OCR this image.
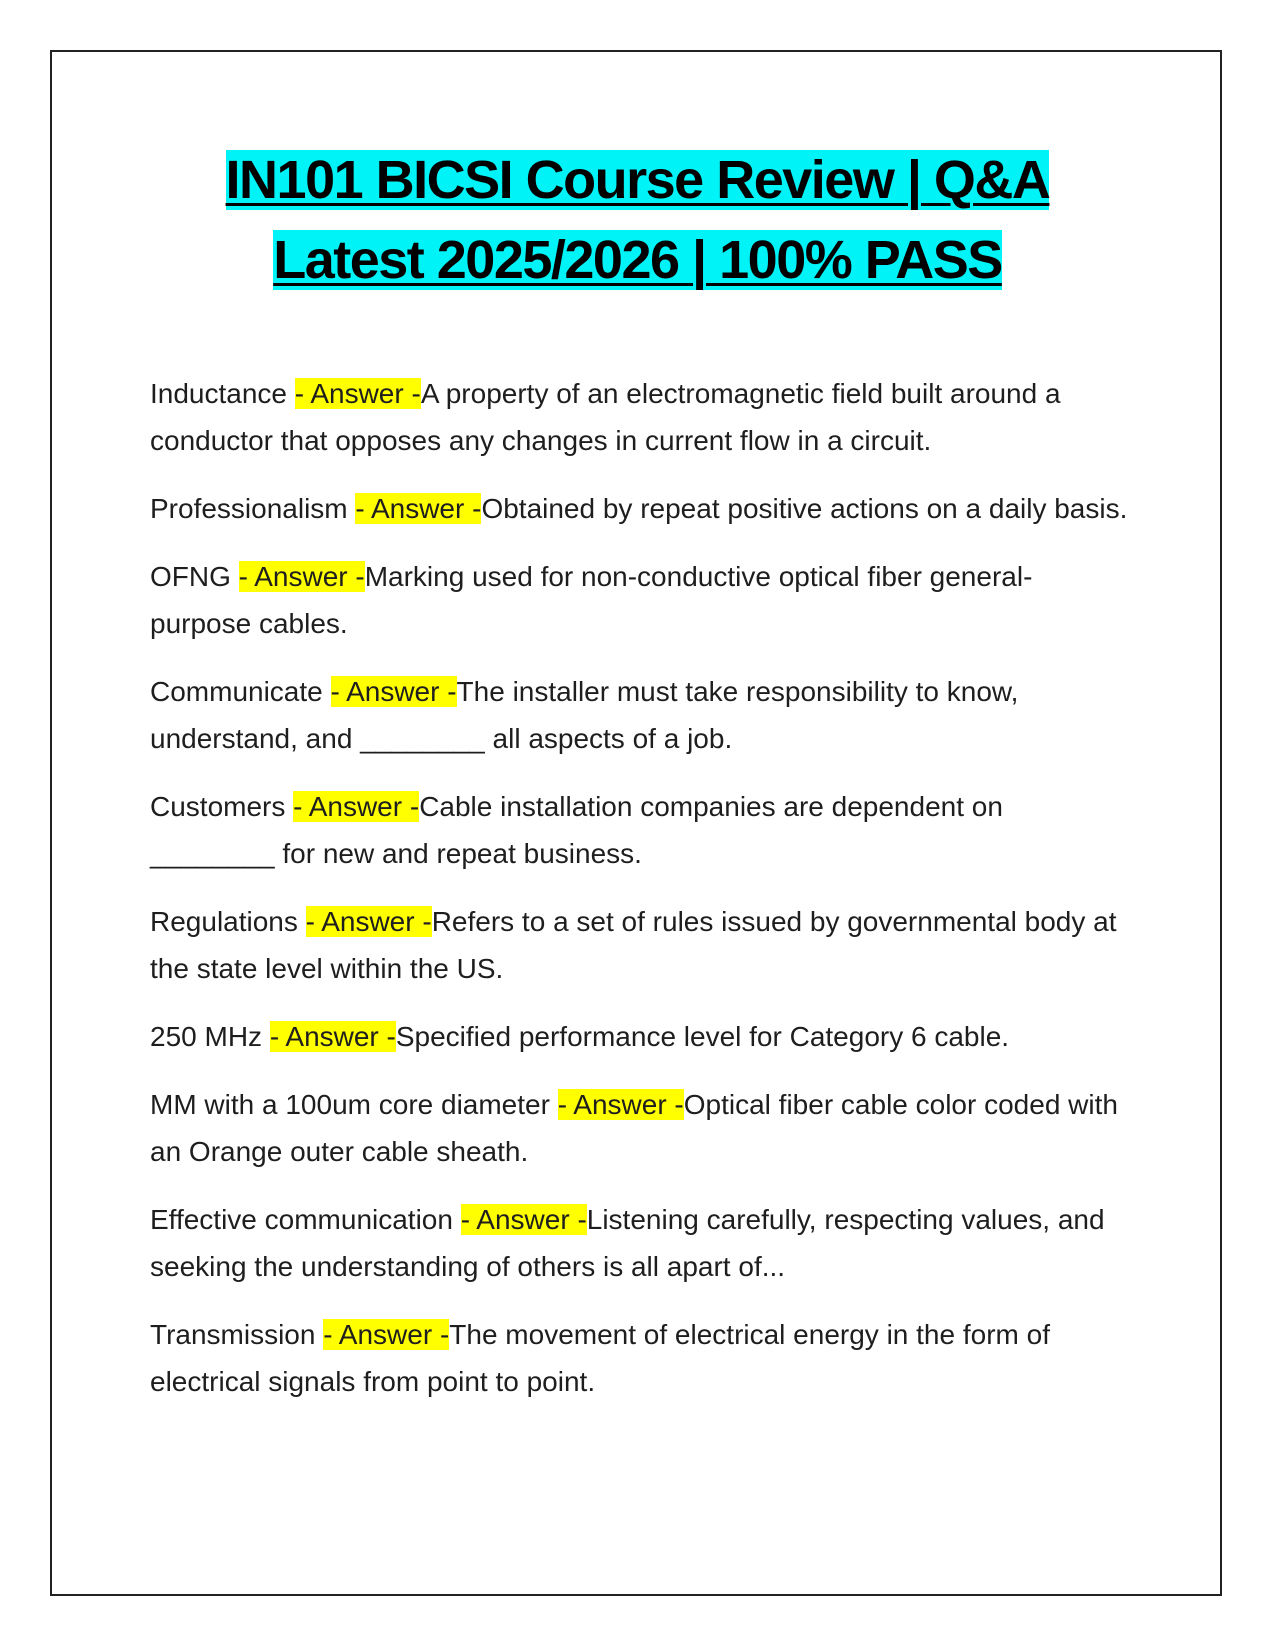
IN101 BICSI Course Review | Q&A
Latest 2025/2026 | 100% PASS
Inductance - Answer -A property of an electromagnetic field built around a conductor that opposes any changes in current flow in a circuit.
Professionalism - Answer -Obtained by repeat positive actions on a daily basis.
OFNG - Answer -Marking used for non-conductive optical fiber general-purpose cables.
Communicate - Answer -The installer must take responsibility to know, understand, and ________ all aspects of a job.
Customers - Answer -Cable installation companies are dependent on ________ for new and repeat business.
Regulations - Answer -Refers to a set of rules issued by governmental body at the state level within the US.
250 MHz - Answer -Specified performance level for Category 6 cable.
MM with a 100um core diameter - Answer -Optical fiber cable color coded with an Orange outer cable sheath.
Effective communication - Answer -Listening carefully, respecting values, and seeking the understanding of others is all apart of...
Transmission - Answer -The movement of electrical energy in the form of electrical signals from point to point.
